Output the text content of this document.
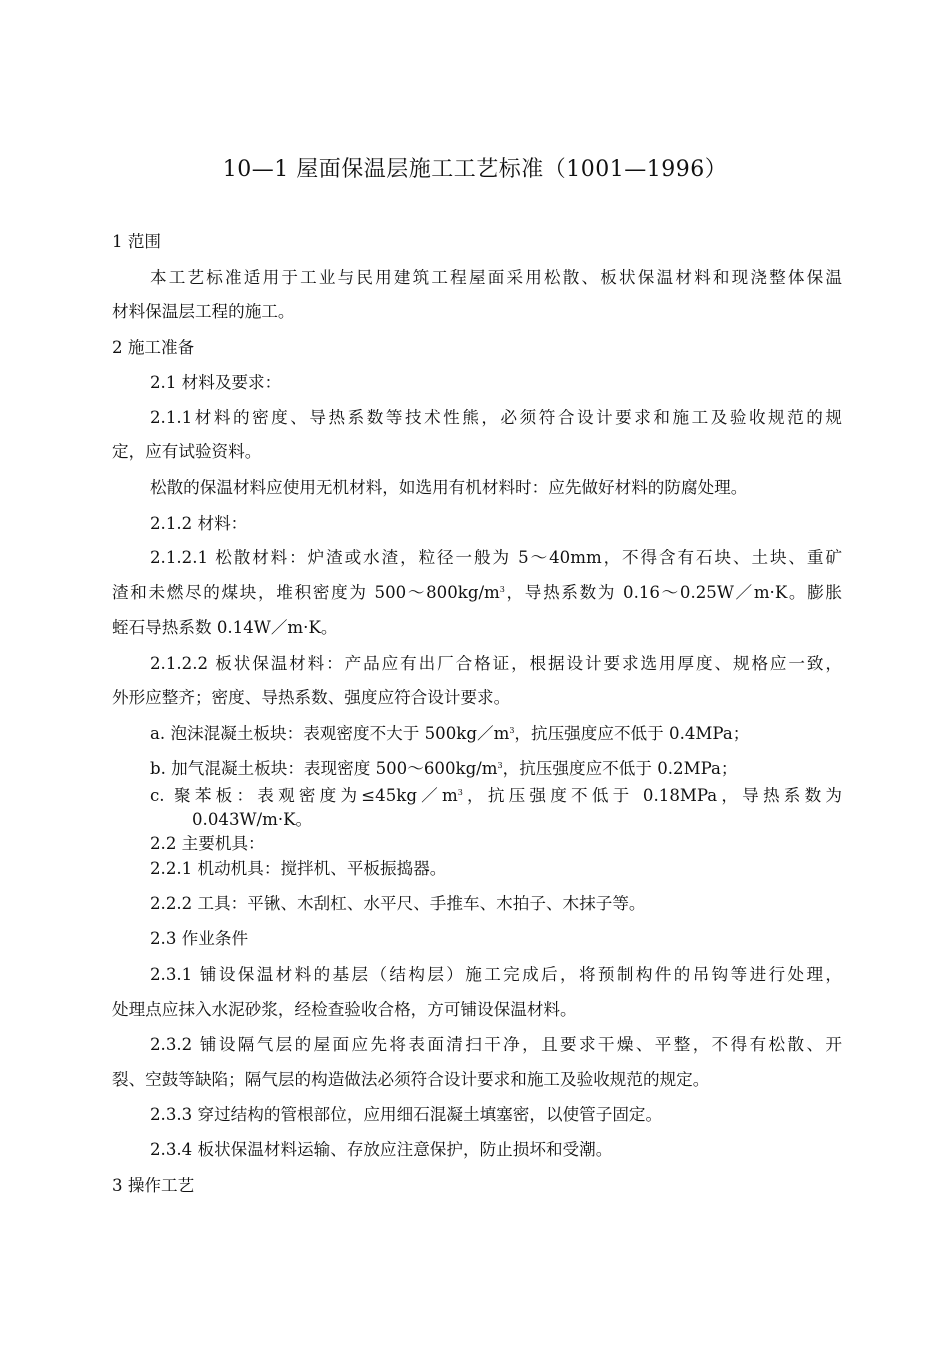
10—1 屋面保温层施工工艺标准（1001—1996）

1 范围

本工艺标准适用于工业与民用建筑工程屋面采用松散、板状保温材料和现浇整体保温

材料保温层工程的施工。

2 施工准备

2.1 材料及要求：

2.1.1材料的密度、导热系数等技术性熊，必须符合设计要求和施工及验收规范的规

定，应有试验资料。

松散的保温材料应使用无机材料，如选用有机材料时：应先做好材料的防腐处理。

2.1.2 材料：

2.1.2.1 松散材料：炉渣或水渣，粒径一般为 5～40mm，不得含有石块、土块、重矿

渣和未燃尽的煤块，堆积密度为 $500\sim 800kg/m^3$，导热系数为 0.16～0.25W／m·K。膨胀

蛭石导热系数 0.14W／m·K。

2.1.2.2 板状保温材料：产品应有出厂合格证，根据设计要求选用厚度、规格应一致，

外形应整齐；密度、导热系数、强度应符合设计要求。

a. 泡沫混凝土板块：表观密度不大于 $500kg/m^3$，抗压强度应不低于 0.4MPa；

b. 加气混凝土板块：表现密度 $500\sim 600kg/m^3$，抗压强度应不低于 0.2MPa；

c. 聚苯板：表观密度为$\le 45kg/m^3$，抗压强度不低于 0.18MPa，导热系数为

0.043W/m·K。

2.2 主要机具：

2.2.1 机动机具：搅拌机、平板振捣器。

2.2.2 工具：平锹、木刮杠、水平尺、手推车、木拍子、木抹子等。

2.3 作业条件

2.3.1 铺设保温材料的基层（结构层）施工完成后，将预制构件的吊钩等进行处理，

处理点应抹入水泥砂浆，经检查验收合格，方可铺设保温材料。

2.3.2 铺设隔气层的屋面应先将表面清扫干净，且要求干燥、平整，不得有松散、开

裂、空鼓等缺陷；隔气层的构造做法必须符合设计要求和施工及验收规范的规定。

2.3.3 穿过结构的管根部位，应用细石混凝土填塞密，以使管子固定。

2.3.4 板状保温材料运输、存放应注意保护，防止损坏和受潮。

3 操作工艺
